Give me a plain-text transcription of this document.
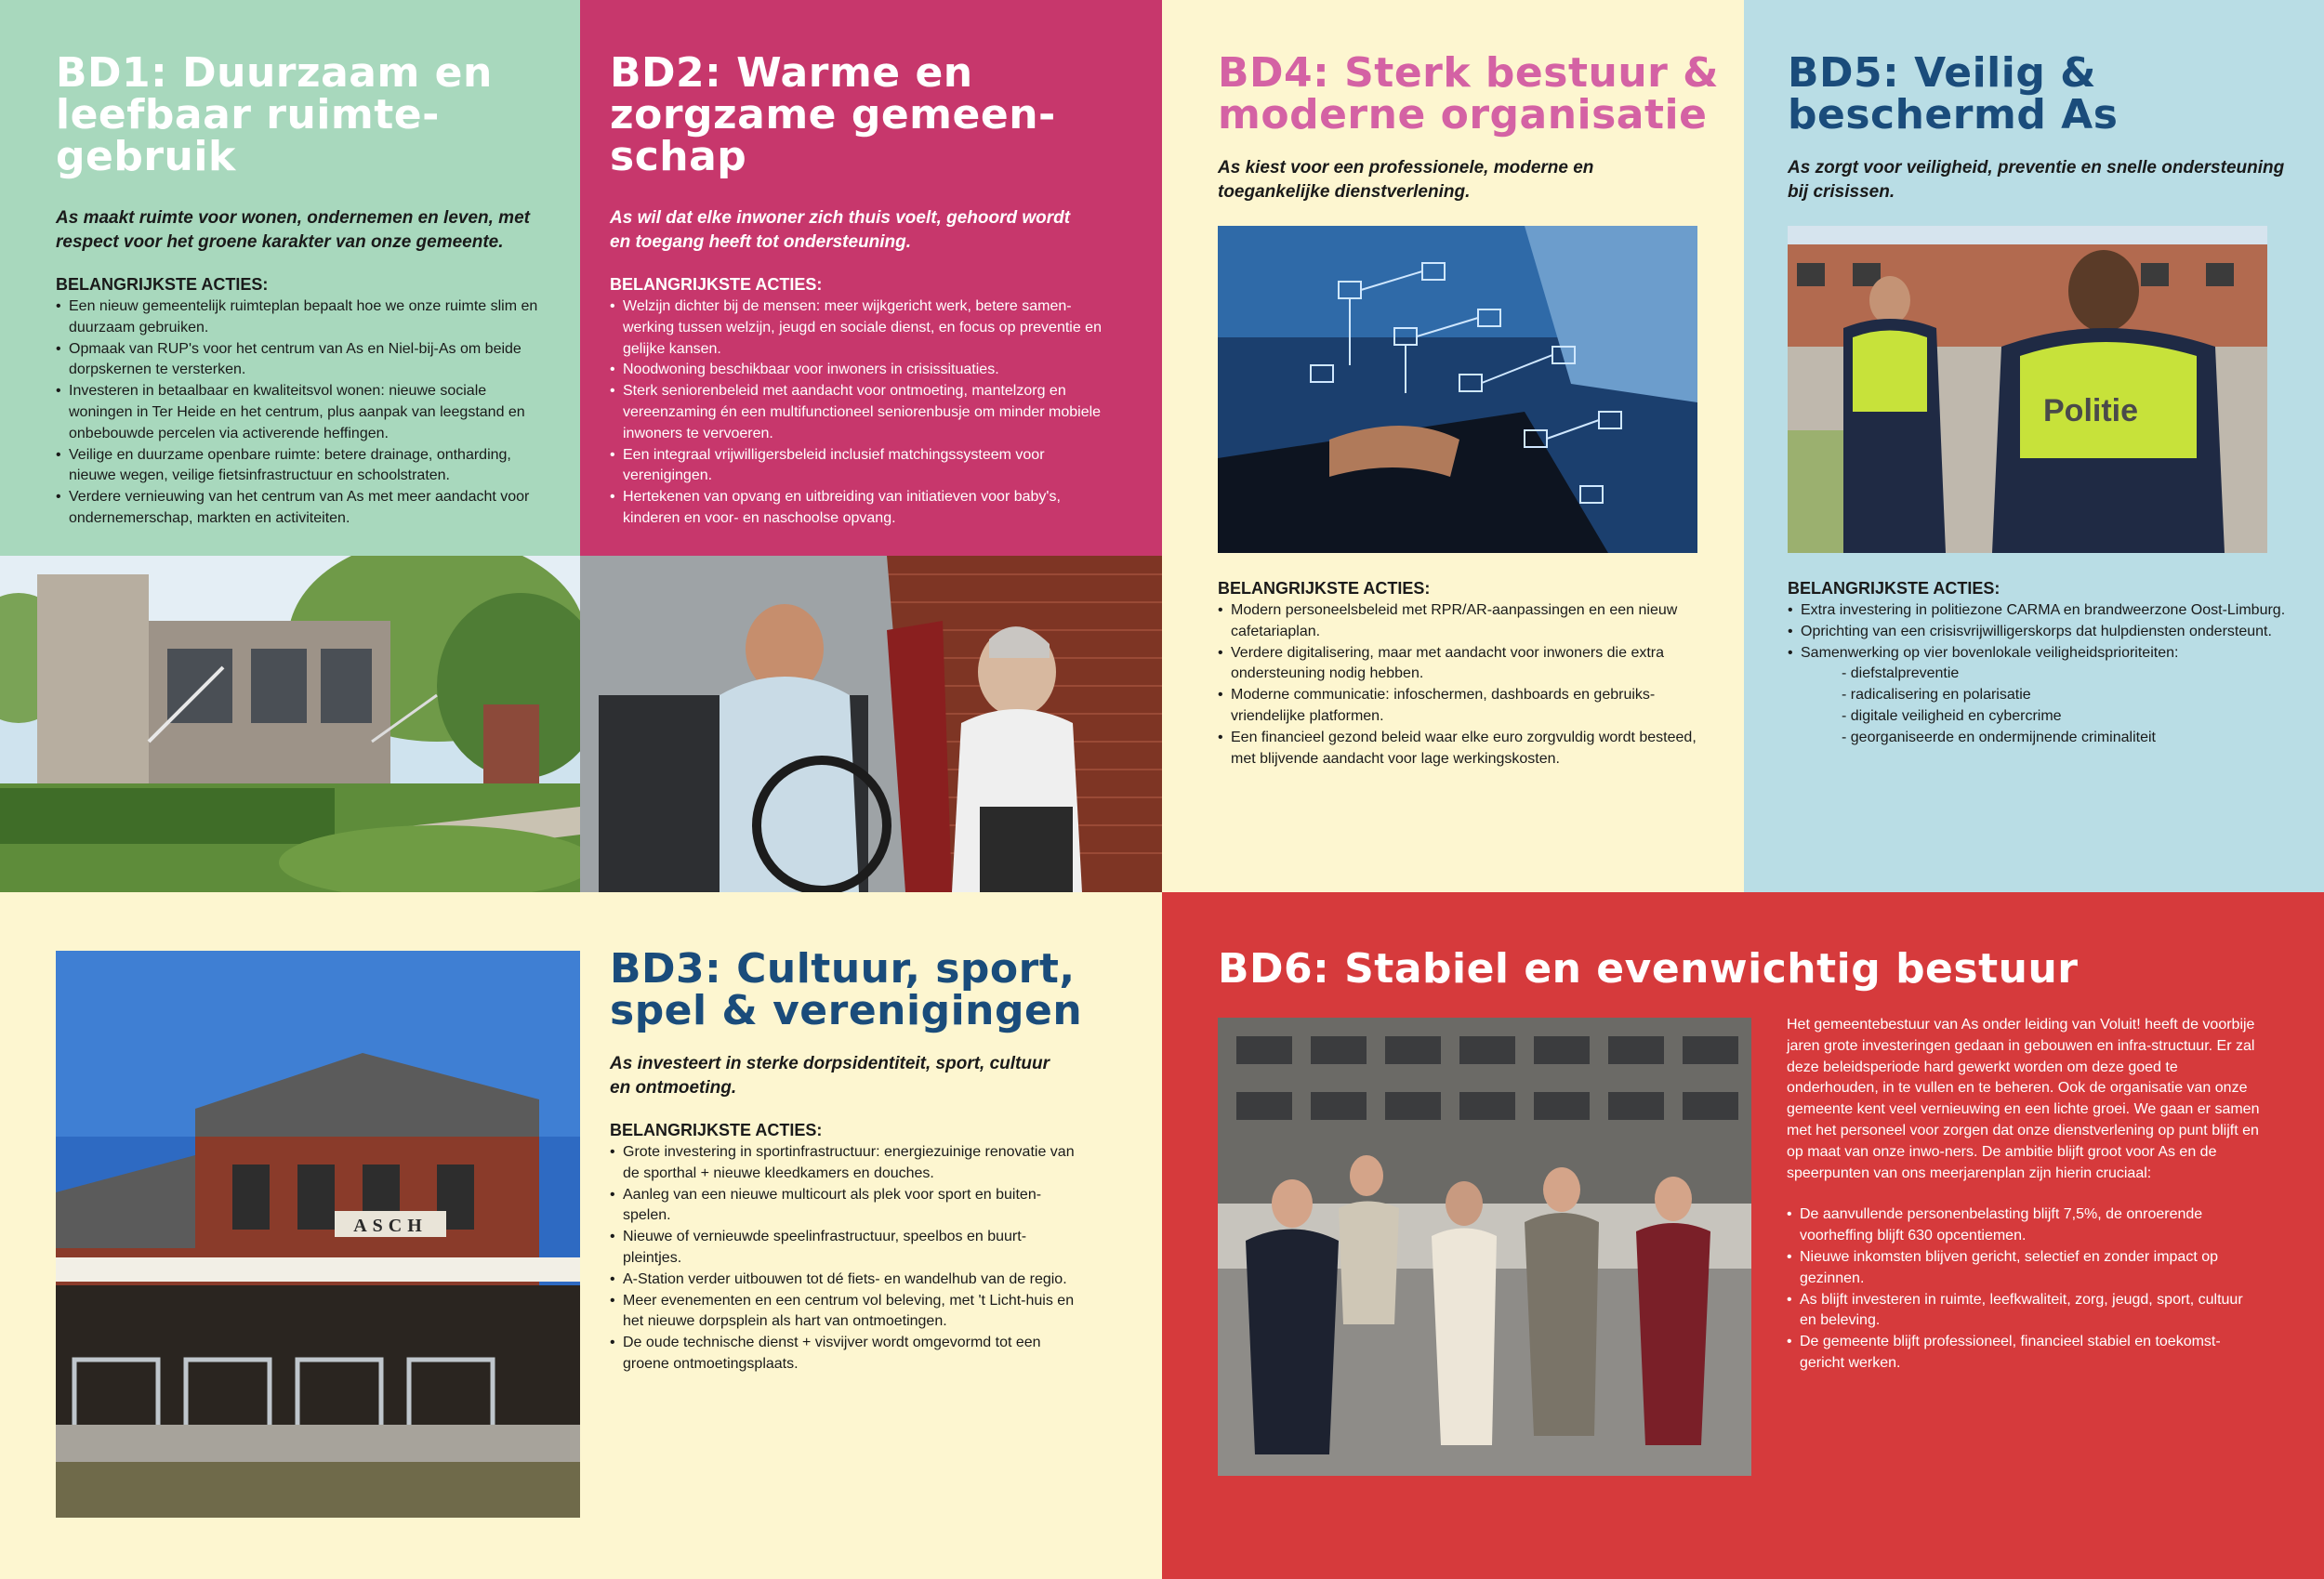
BD1: Duurzaam en leefbaar ruimte-gebruik
As maakt ruimte voor wonen, ondernemen en leven, met respect voor het groene karakter van onze gemeente.
BELANGRIJKSTE ACTIES:
• Een nieuw gemeentelijk ruimteplan bepaalt hoe we onze ruimte slim en duurzaam gebruiken.
• Opmaak van RUP's voor het centrum van As en Niel-bij-As om beide dorpskernen te versterken.
• Investeren in betaalbaar en kwaliteitsvol wonen: nieuwe sociale woningen in Ter Heide en het centrum, plus aanpak van leegstand en onbebouwde percelen via activerende heffingen.
• Veilige en duurzame openbare ruimte: betere drainage, ontharding, nieuwe wegen, veilige fietsinfrastructuur en schoolstraten.
• Verdere vernieuwing van het centrum van As met meer aandacht voor ondernemerschap, markten en activiteiten.
BD2: Warme en zorgzame gemeen-schap
As wil dat elke inwoner zich thuis voelt, gehoord wordt en toegang heeft tot ondersteuning.
BELANGRIJKSTE ACTIES:
• Welzijn dichter bij de mensen: meer wijkgericht werk, betere samen-werking tussen welzijn, jeugd en sociale dienst, en focus op preventie en gelijke kansen.
• Noodwoning beschikbaar voor inwoners in crisissituaties.
• Sterk seniorenbeleid met aandacht voor ontmoeting, mantelzorg en vereenzaming én een multifunctioneel seniorenbusje om minder mobiele inwoners te vervoeren.
• Een integraal vrijwilligersbeleid inclusief matchingssysteem voor verenigingen.
• Hertekenen van opvang en uitbreiding van initiatieven voor baby's, kinderen en voor- en naschoolse opvang.
BD4: Sterk bestuur & moderne organisatie
As kiest voor een professionele, moderne en toegankelijke dienstverlening.
BELANGRIJKSTE ACTIES:
• Modern personeelsbeleid met RPR/AR-aanpassingen en een nieuw cafetariaplan.
• Verdere digitalisering, maar met aandacht voor inwoners die extra ondersteuning nodig hebben.
• Moderne communicatie: infoschermen, dashboards en gebruiks-vriendelijke platformen.
• Een financieel gezond beleid waar elke euro zorgvuldig wordt besteed, met blijvende aandacht voor lage werkingskosten.
BD5: Veilig & beschermd As
As zorgt voor veiligheid, preventie en snelle ondersteuning bij crisissen.
Politie
BELANGRIJKSTE ACTIES:
• Extra investering in politiezone CARMA en brandweerzone Oost-Limburg.
• Oprichting van een crisisvrijwilligerskorps dat hulpdiensten ondersteunt.
• Samenwerking op vier bovenlokale veiligheidsprioriteiten:
- diefstalpreventie
- radicalisering en polarisatie
- digitale veiligheid en cybercrime
- georganiseerde en ondermijnende criminaliteit
ASCH
BD3: Cultuur, sport, spel & verenigingen
As investeert in sterke dorpsidentiteit, sport, cultuur en ontmoeting.
BELANGRIJKSTE ACTIES:
• Grote investering in sportinfrastructuur: energiezuinige renovatie van de sporthal + nieuwe kleedkamers en douches.
• Aanleg van een nieuwe multicourt als plek voor sport en buiten-spelen.
• Nieuwe of vernieuwde speelinfrastructuur, speelbos en buurt-pleintjes.
• A-Station verder uitbouwen tot dé fiets- en wandelhub van de regio.
• Meer evenementen en een centrum vol beleving, met 't Licht-huis en het nieuwe dorpsplein als hart van ontmoetingen.
• De oude technische dienst + visvijver wordt omgevormd tot een groene ontmoetingsplaats.
BD6: Stabiel en evenwichtig bestuur
Het gemeentebestuur van As onder leiding van Voluit! heeft de voorbije jaren grote investeringen gedaan in gebouwen en infra-structuur. Er zal deze beleidsperiode hard gewerkt worden om deze goed te onderhouden, in te vullen en te beheren. Ook de organisatie van onze gemeente kent veel vernieuwing en een lichte groei. We gaan er samen met het personeel voor zorgen dat onze dienstverlening op punt blijft en op maat van onze inwo-ners. De ambitie blijft groot voor As en de speerpunten van ons meerjarenplan zijn hierin cruciaal:
• De aanvullende personenbelasting blijft 7,5%, de onroerende voorheffing blijft 630 opcentiemen.
• Nieuwe inkomsten blijven gericht, selectief en zonder impact op gezinnen.
• As blijft investeren in ruimte, leefkwaliteit, zorg, jeugd, sport, cultuur en beleving.
• De gemeente blijft professioneel, financieel stabiel en toekomst-gericht werken.
